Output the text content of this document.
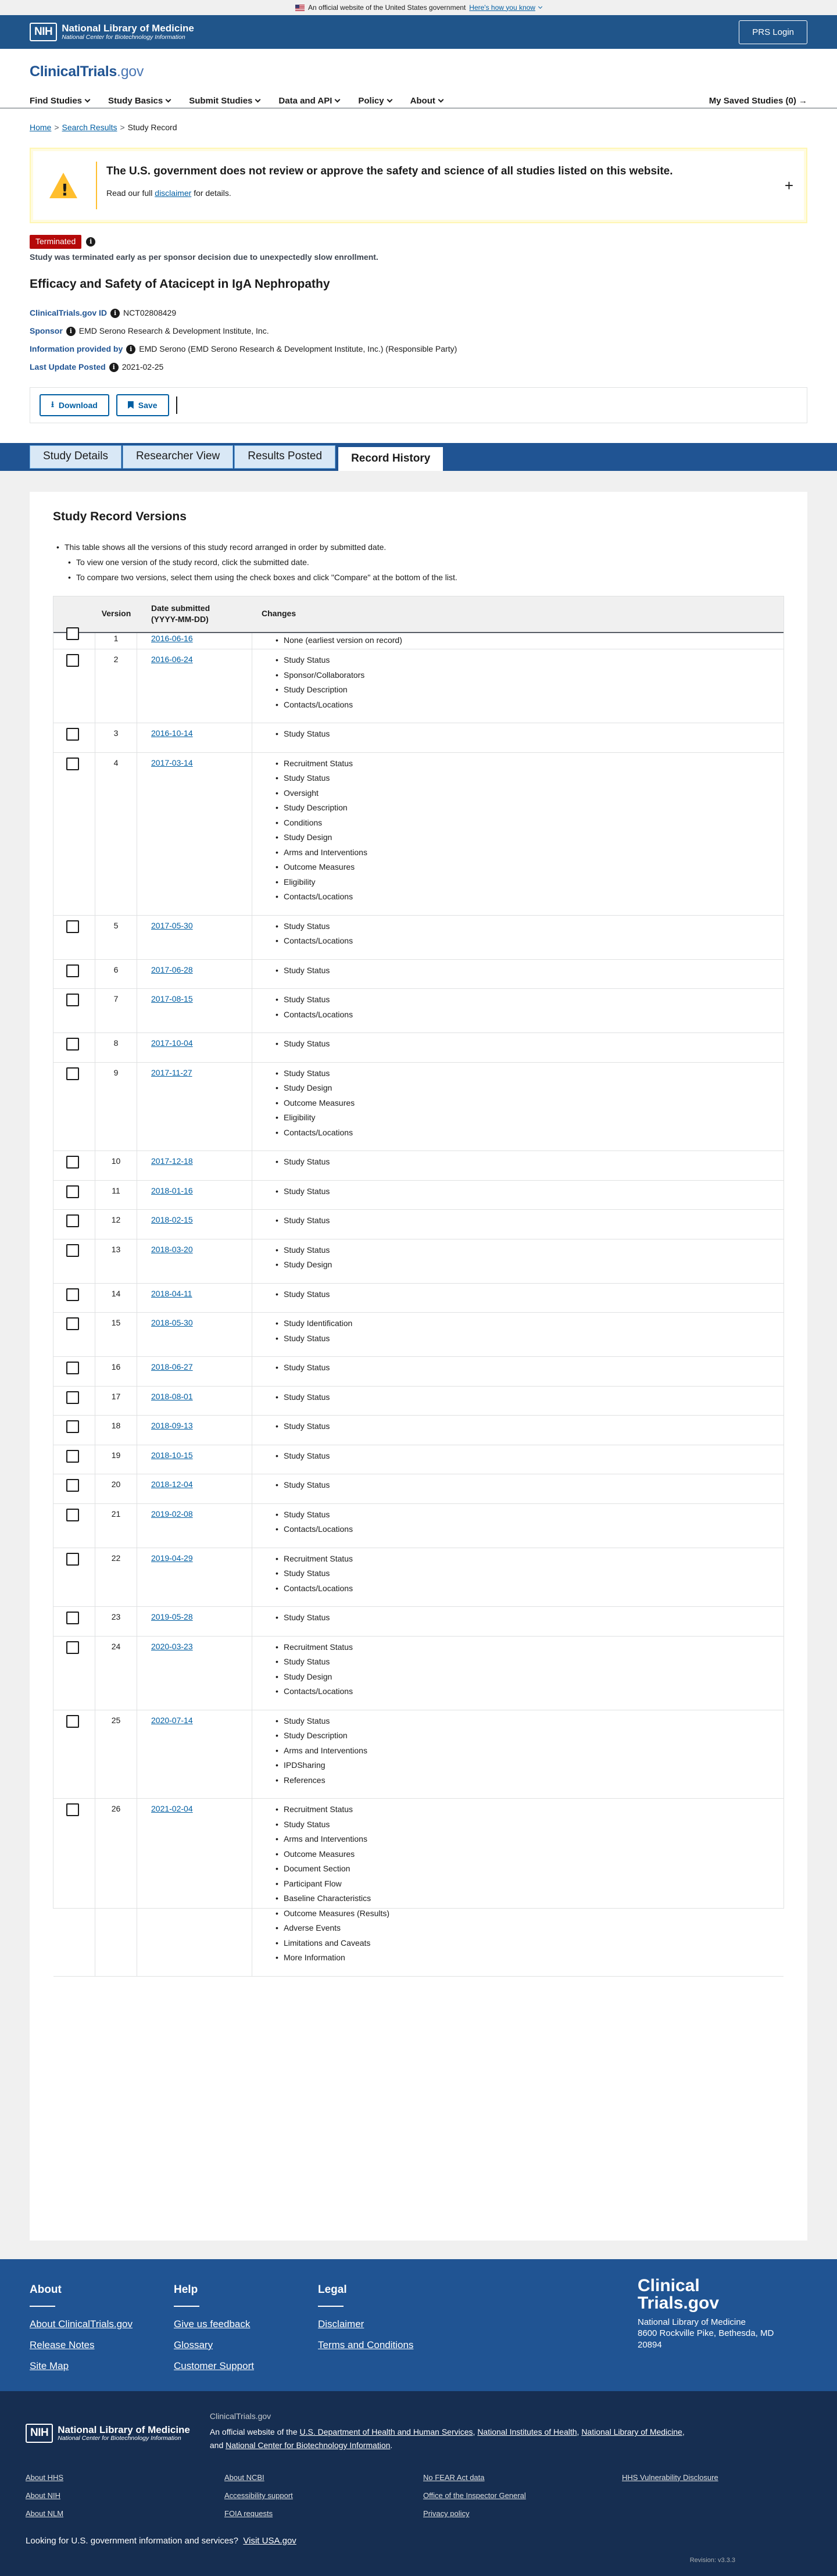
An official website of the United States government Here's how you know
NIH National Library of Medicine
National Center for Biotechnology Information
PRS Login
ClinicalTrials.gov
Find Studies	Study Basics	Submit Studies	Data and API	Policy	About	My Saved Studies (0) →
Home > Search Results > Study Record
!
The U.S. government does not review or approve the safety and science of all studies listed on this website.
Read our full disclaimer for details.	+
Terminated	i
Study was terminated early as per sponsor decision due to unexpectedly slow enrollment.
Efficacy and Safety of Atacicept in IgA Nephropathy
ClinicalTrials.gov ID	i NCT02808429
Sponsor	i EMD Serono Research & Development Institute, Inc.
Information provided by	i EMD Serono (EMD Serono Research & Development Institute, Inc.) (Responsible Party)
Last Update Posted	i 2021-02-25
⭳ Download	Save
Study Details	Researcher View	Results Posted	Record History
Study Record Versions
• This table shows all the versions of this study record arranged in order by submitted date.
• To view one version of the study record, click the submitted date.
• To compare two versions, select them using the check boxes and click "Compare" at the bottom of the list.
Version
Date submitted
(YYYY-MM-DD)
Changes
1	2016-06-16	• None (earliest version on record)
2	2016-06-24	• Study Status
• Sponsor/Collaborators
• Study Description
• Contacts/Locations
3	2016-10-14	• Study Status
4	2017-03-14	• Recruitment Status
• Study Status
• Oversight
• Study Description
• Conditions
• Study Design
• Arms and Interventions
• Outcome Measures
• Eligibility
• Contacts/Locations
5	2017-05-30	• Study Status
• Contacts/Locations
6	2017-06-28	• Study Status
7	2017-08-15	• Study Status
• Contacts/Locations
8	2017-10-04	• Study Status
9	2017-11-27	• Study Status
• Study Design
• Outcome Measures
• Eligibility
• Contacts/Locations
10	2017-12-18	• Study Status
11	2018-01-16	• Study Status
12	2018-02-15	• Study Status
13	2018-03-20	• Study Status
• Study Design
14	2018-04-11	• Study Status
15	2018-05-30	• Study Identification
• Study Status
16	2018-06-27	• Study Status
17	2018-08-01	• Study Status
18	2018-09-13	• Study Status
19	2018-10-15	• Study Status
20	2018-12-04	• Study Status
21	2019-02-08	• Study Status
• Contacts/Locations
22	2019-04-29	• Recruitment Status
• Study Status
• Contacts/Locations
23	2019-05-28	• Study Status
24	2020-03-23	• Recruitment Status
• Study Status
• Study Design
• Contacts/Locations
25	2020-07-14	• Study Status
• Study Description
• Arms and Interventions
• IPDSharing
• References
26	2021-02-04	• Recruitment Status
• Study Status
• Arms and Interventions
• Outcome Measures
• Document Section
• Participant Flow
• Baseline Characteristics
• Outcome Measures (Results)
• Adverse Events
• Limitations and Caveats
• More Information
About
About ClinicalTrials.gov
Release Notes
Site Map
Help
Give us feedback
Glossary
Customer Support
Legal
Disclaimer
Terms and Conditions
Clinical
Trials.gov
National Library of Medicine
8600 Rockville Pike, Bethesda, MD
20894
NIH National Library of Medicine
National Center for Biotechnology Information
ClinicalTrials.gov

An official website of the U.S. Department of Health and Human Services, National Institutes of Health, National Library of Medicine,
and National Center for Biotechnology Information.

About HHS	About NCBI	No FEAR Act data	HHS Vulnerability Disclosure
About NIH	Accessibility support	Office of the Inspector General
About NLM	FOIA requests	Privacy policy
Looking for U.S. government information and services? Visit USA.gov
Revision: v3.3.3
